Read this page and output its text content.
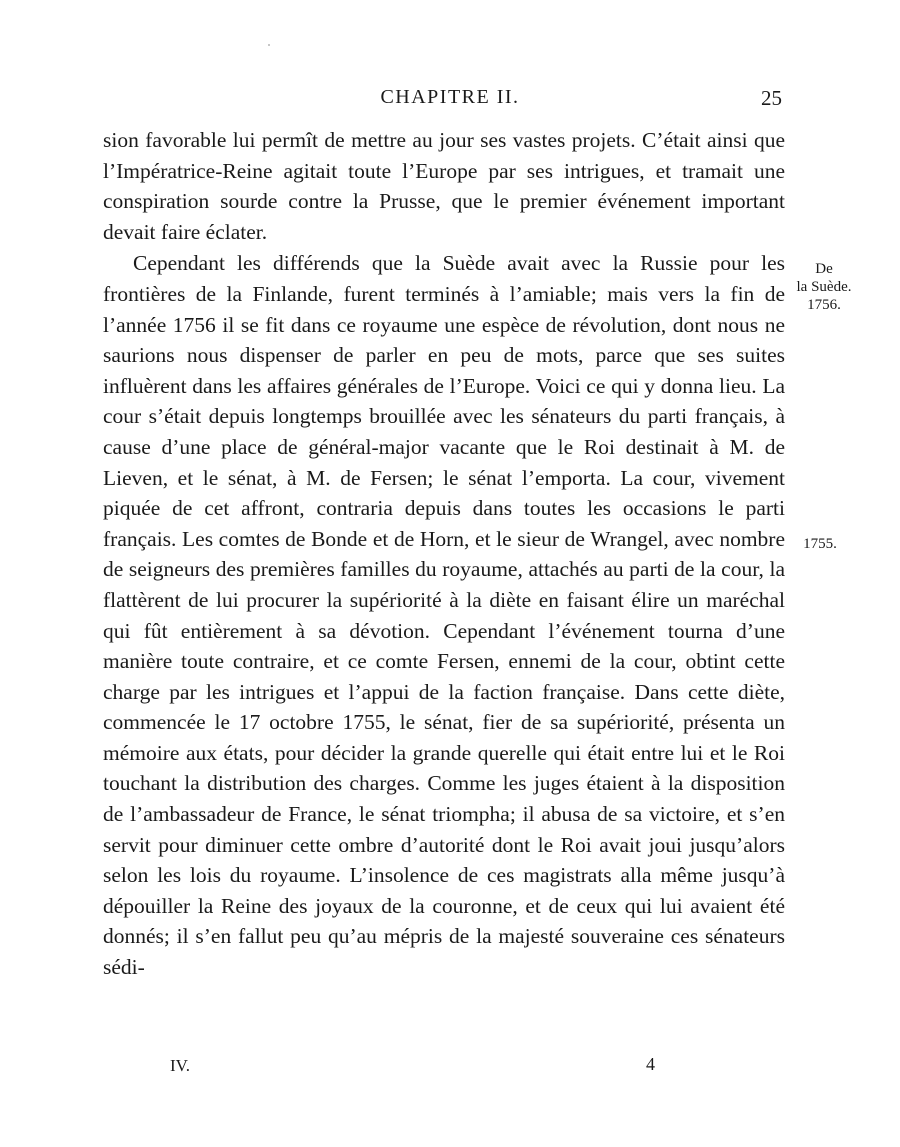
CHAPITRE II.	25

sion favorable lui permît de mettre au jour ses vastes projets. C’était ainsi que l’Impératrice-Reine agitait toute l’Europe par ses intrigues, et tramait une conspiration sourde contre la Prusse, que le premier événement important devait faire éclater.

Cependant les différends que la Suède avait avec la Russie pour les frontières de la Finlande, furent terminés à l’amiable; mais vers la fin de l’année 1756 il se fit dans ce royaume une espèce de révolution, dont nous ne saurions nous dispenser de parler en peu de mots, parce que ses suites influèrent dans les affaires générales de l’Europe. Voici ce qui y donna lieu. La cour s’était depuis longtemps brouillée avec les sénateurs du parti français, à cause d’une place de général-major vacante que le Roi destinait à M. de Lieven, et le sénat, à M. de Fersen; le sénat l’emporta. La cour, vivement piquée de cet affront, contraria depuis dans toutes les occasions le parti français. Les comtes de Bonde et de Horn, et le sieur de Wrangel, avec nombre de seigneurs des premières familles du royaume, attachés au parti de la cour, la flattèrent de lui procurer la supériorité à la diète en faisant élire un maréchal qui fût entièrement à sa dévotion. Cependant l’événement tourna d’une manière toute contraire, et ce comte Fersen, ennemi de la cour, obtint cette charge par les intrigues et l’appui de la faction française. Dans cette diète, commencée le 17 octobre 1755, le sénat, fier de sa supériorité, présenta un mémoire aux états, pour décider la grande querelle qui était entre lui et le Roi touchant la distribution des charges. Comme les juges étaient à la disposition de l’ambassadeur de France, le sénat triompha; il abusa de sa victoire, et s’en servit pour diminuer cette ombre d’autorité dont le Roi avait joui jusqu’alors selon les lois du royaume. L’insolence de ces magistrats alla même jusqu’à dépouiller la Reine des joyaux de la couronne, et de ceux qui lui avaient été donnés; il s’en fallut peu qu’au mépris de la majesté souveraine ces sénateurs sédi-

De
la Suède.
1756.
1755.
IV.	4
